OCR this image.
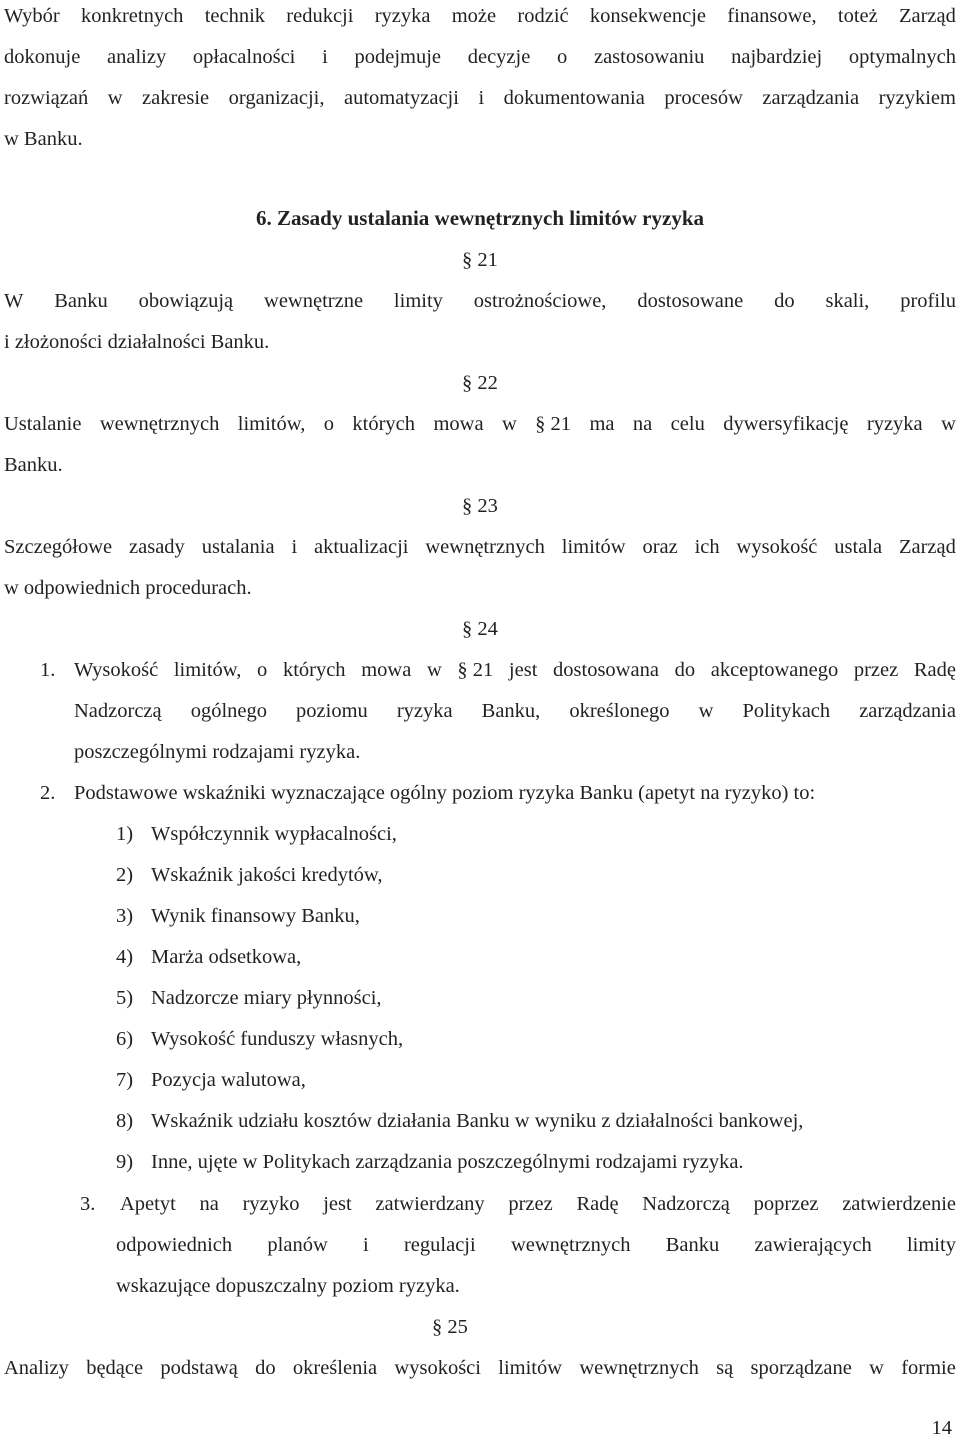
Wybór konkretnych technik redukcji ryzyka może rodzić konsekwencje finansowe, toteż Zarząd
dokonuje analizy opłacalności i podejmuje decyzje o zastosowaniu najbardziej optymalnych
rozwiązań w zakresie organizacji, automatyzacji i dokumentowania procesów zarządzania ryzykiem
w Banku.
6. Zasady ustalania wewnętrznych limitów ryzyka
§ 21
W Banku obowiązują wewnętrzne limity ostrożnościowe, dostosowane do skali, profilu
i złożoności działalności Banku.
§ 22
Ustalanie wewnętrznych limitów, o których mowa w § 21 ma na celu dywersyfikację ryzyka w
Banku.
§ 23
Szczegółowe zasady ustalania i aktualizacji wewnętrznych limitów oraz ich wysokość ustala Zarząd
w odpowiednich procedurach.
§ 24
1. Wysokość limitów, o których mowa w § 21 jest dostosowana do akceptowanego przez Radę
Nadzorczą ogólnego poziomu ryzyka Banku, określonego w Politykach zarządzania
poszczególnymi rodzajami ryzyka.
2. Podstawowe wskaźniki wyznaczające ogólny poziom ryzyka Banku (apetyt na ryzyko) to:
1) Współczynnik wypłacalności,
2) Wskaźnik jakości kredytów,
3) Wynik finansowy Banku,
4) Marża odsetkowa,
5) Nadzorcze miary płynności,
6) Wysokość funduszy własnych,
7) Pozycja walutowa,
8) Wskaźnik udziału kosztów działania Banku w wyniku z działalności bankowej,
9) Inne, ujęte w Politykach zarządzania poszczególnymi rodzajami ryzyka.
3. Apetyt na ryzyko jest zatwierdzany przez Radę Nadzorczą poprzez zatwierdzenie
odpowiednich planów i regulacji wewnętrznych Banku zawierających limity
wskazujące dopuszczalny poziom ryzyka.
§ 25
Analizy będące podstawą do określenia wysokości limitów wewnętrznych są sporządzane w formie
14
